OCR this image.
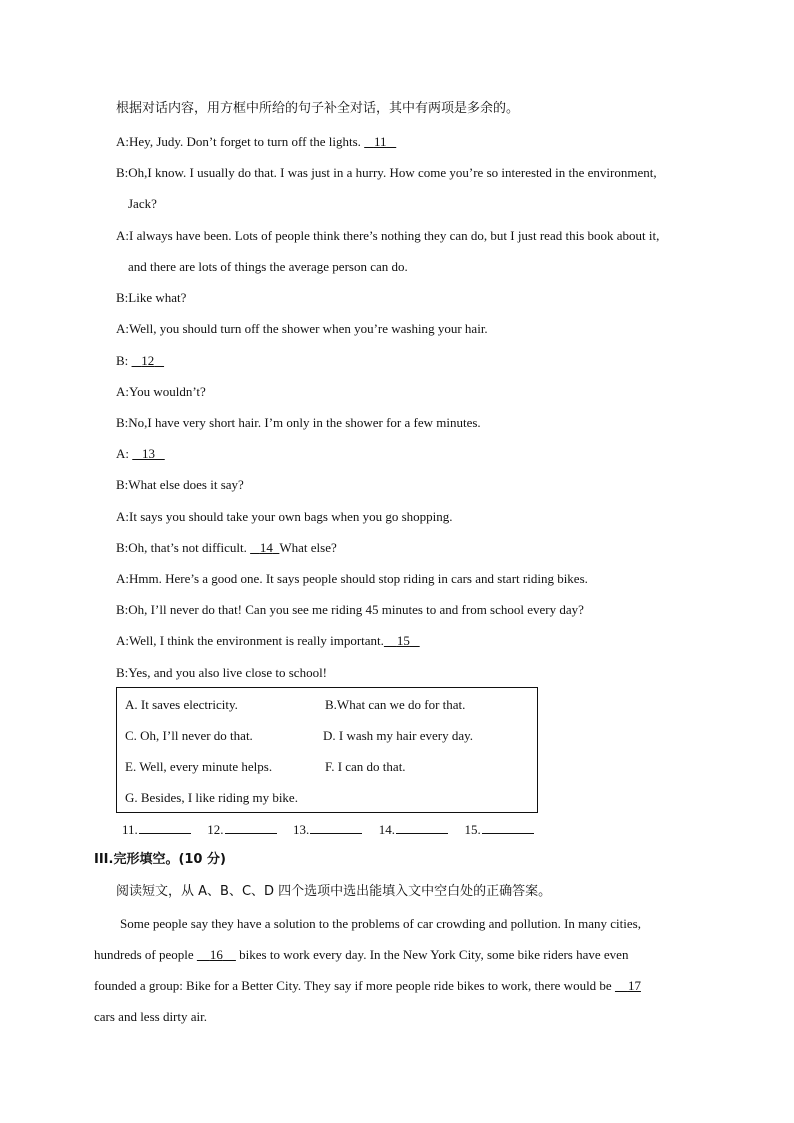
根据对话内容，用方框中所给的句子补全对话，其中有两项是多余的。
A:Hey, Judy. Don’t forget to turn off the lights.    11
B:Oh,I know. I usually do that. I was just in a hurry. How come you’re so interested in the environment,
Jack?
A:I always have been. Lots of people think there’s nothing they can do, but I just read this book about it,
and there are lots of things the average person can do.
B:Like what?
A:Well, you should turn off the shower when you’re washing your hair.
B: 12
A:You wouldn’t?
B:No,I have very short hair. I’m only in the shower for a few minutes.
A: 13
B:What else does it say?
A:It says you should take your own bags when you go shopping.
B:Oh, that’s not difficult.    14 What else?
A:Hmm. Here’s a good one. It says people should stop riding in cars and start riding bikes.
B:Oh, I’ll never do that! Can you see me riding 45 minutes to and from school every day?
A:Well, I think the environment is really important. 15
B:Yes, and you also live close to school!
A. It saves electricity.	B.What can we do for that.
C. Oh, I’ll never do that.	D. I wash my hair every day.
E. Well, every minute helps.	F. I can do that.
G. Besides, I like riding my bike.
11.	12.	13.	14.	15.
III.完形填空。(10 分)
阅读短文，从 A、B、C、D 四个选项中选出能填入文中空白处的正确答案。
Some people say they have a solution to the problems of car crowding and pollution. In many cities,
hundreds of people     16     bikes to work every day. In the New York City, some bike riders have even
founded a group: Bike for a Better City. They say if more people ride bikes to work, there would be     17
cars and less dirty air.
